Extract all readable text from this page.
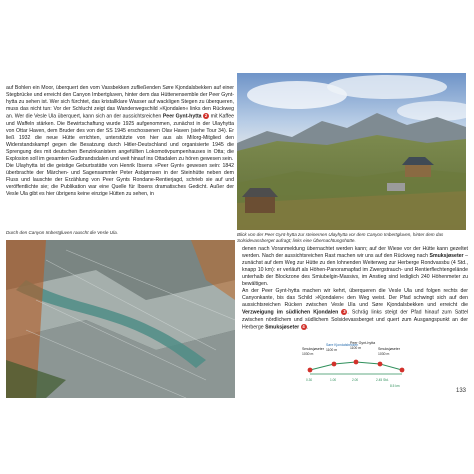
Blick von der Peer Gynt-hytta zur steinernen Ulayhytta vor dem Canyon Imbertgluven, hinter dem das Solsidevassberget aufragt; links eine Übernachtungshütte.

auf Bohlen ein Moor, überquert den vom Vassbekken zufließenden Søre Kjondalsbekken auf einer Stegbrücke und erreicht den Canyon Imbertgluven, hinter dem das Hüttenensemble der Peer Gynt-hytta zu sehen ist. Wer sich fürchtet, das kristallklare Wasser auf wackligen Stegen zu überqueren, muss das nicht tun: Vor der Schlucht zeigt das Wanderwegschild »Kjondalen« links den Rückweg an. Wer die Vesle Ula überquert, kann sich an der aussichtsreichen Peer Gynt-hytta 2 mit Kaffee und Waffeln stärken. Die Bewirtschaftung wurde 1925 aufgenommen, zunächst in der Ulayhytta von Ottar Haven, dem Bruder des von der SS 1945 erschossenen Olav Haven (siehe Tour 34). Er ließ 1932 die neue Hütte errichten, unterstützte von hier aus als Milorg-Mitglied den Widerstandskampf gegen die Besatzung durch Hitler-Deutschland und organisierte 1945 die Sprengung des mit deutschen Benzinkanistern angefüllten Lokomotivpumpenhauses in Otta; die Explosion soll im gesamten Gudbrandsdalen und weit hinauf ins Ottadalen zu hören gewesen sein.

Die Ulayhytta ist die geistige Geburtsstätte von Henrik Ibsens »Peer Gynt« gewesen sein: 1842 überbrachte der Märchen- und Sagensammler Peter Asbjørnsen in der Steinhütte neben dem Fluss und lauschte der Erzählung von Peer Gynts Rondane-Rentierjagd, schrieb sie auf und veröffentlichte sie; die Publikation war eine Quelle für Ibsens dramatisches Gedicht. Außer der Vesle Ula gibt es hier übrigens keine einzige Hütten zu sehen, in

Durch den Canyon Imbertgluven rauscht die Vesle Ula.

denen nach Voranmeldung übernachtet werden kann; auf der Wiese vor der Hütte kann gezeltet werden. Nach der aussichtsreichen Rast machen wir uns auf den Rückweg nach Smuksjøseter – zunächst auf dem Weg zur Hütte zu den lohnenden Weiterweg zur Herberge Rondvassbu (4 Std., knapp 10 km): er verläuft als Höhen-Panoramapfad im Zwergstrauch- und Rentierflechtengelände unterhalb der Blockzone des Smiubelgin-Massivs, im Anstieg sind lediglich 240 Höhenmeter zu bewältigen.

An der Peer Gynt-hytta machen wir kehrt, überqueren die Vesle Ula und folgen rechts der Canyonkante, bis das Schild »Kjondalen« den Weg weist. Der Pfad schwingt sich auf den aussichtsreichen Rücken zwischen Vesle Ula und Søre Kjondalsbekken und erreicht die Verzweigung im südlichen Kjondalen 3 . Schräg links steigt der Pfad hinauf zum Sattel zwischen nördlichem und südlichem Solsidevassberget und quert zum Ausgangspunkt an der Herberge Smuksjøseter 4 .

Smuksjøseter
1030 m
Søre Kjondalsbekken
1100 m
Peer Gynt-hytta
1100 m	Smuksjøseter
1030 m
0.30	1.00	2.00	2.45 Std.
8.5 km
133
